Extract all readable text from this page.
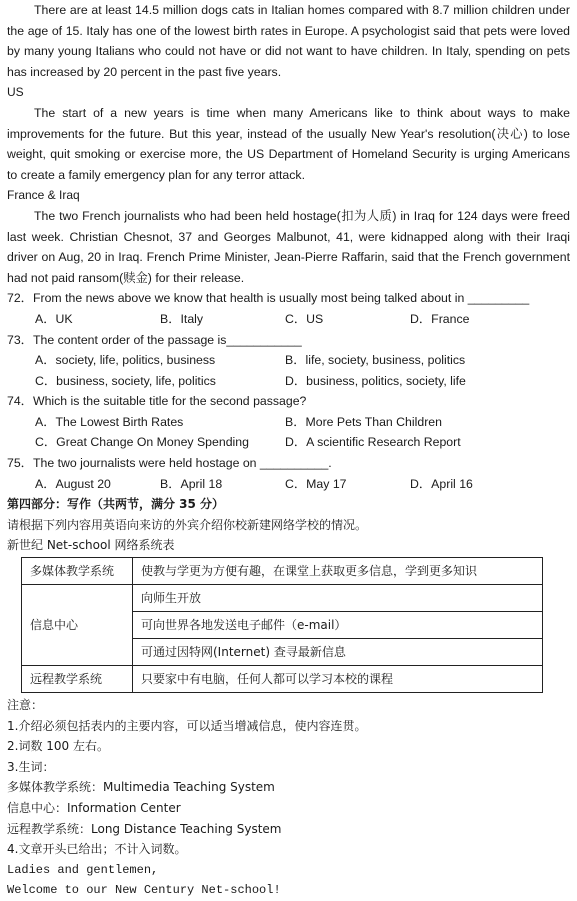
There are at least 14.5 million dogs cats in Italian homes compared with 8.7 million children under the age of 15. Italy has one of the lowest birth rates in Europe. A psychologist said that pets were loved by many young Italians who could not have or did not want to have children. In Italy, spending on pets has increased by 20 percent in the past five years.

US

The start of a new years is time when many Americans like to think about ways to make improvements for the future. But this year, instead of the usually New Year's resolution(决心) to lose weight, quit smoking or exercise more, the US Department of Homeland Security is urging Americans to create a family emergency plan for any terror attack.

France & Iraq

The two French journalists who had been held hostage(扣为人质) in Iraq for 124 days were freed last week. Christian Chesnot, 37 and Georges Malbunot, 41, were kidnapped along with their Iraqi driver on Aug, 20 in Iraq. French Prime Minister, Jean-Pierre Raffarin, said that the French government had not paid ransom(赎金) for their release.

72．From the news above we know that health is usually most being talked about in _________

A．UK	B．Italy	C．US	D．France

73．The content order of the passage is___________

A．society, life, politics, business	B．life, society, business, politics
C．business, society, life, politics	D．business, politics, society, life

74．Which is the suitable title for the second passage?

A．The Lowest Birth Rates	B．More Pets Than Children
C．Great Change On Money Spending	D．A scientific Research Report

75．The two journalists were held hostage on __________.

A．August 20	B．April 18	C．May 17	D．April 16

第四部分：写作（共两节，满分 35 分）

请根据下列内容用英语向来访的外宾介绍你校新建网络学校的情况。

新世纪 Net-school 网络系统表

多媒体教学系统	使教与学更为方便有趣，在课堂上获取更多信息，学到更多知识
信息中心	向师生开放
	可向世界各地发送电子邮件（e-mail）
	可通过因特网(Internet) 查寻最新信息
远程教学系统	只要家中有电脑，任何人都可以学习本校的课程

注意：

1.介绍必须包括表内的主要内容，可以适当增减信息，使内容连贯。

2.词数 100 左右。

3.生词：

多媒体教学系统：Multimedia Teaching System

信息中心：Information Center

远程教学系统：Long Distance Teaching System

4.文章开头已给出；不计入词数。

Ladies and gentlemen,

Welcome to our New Century Net-school!
